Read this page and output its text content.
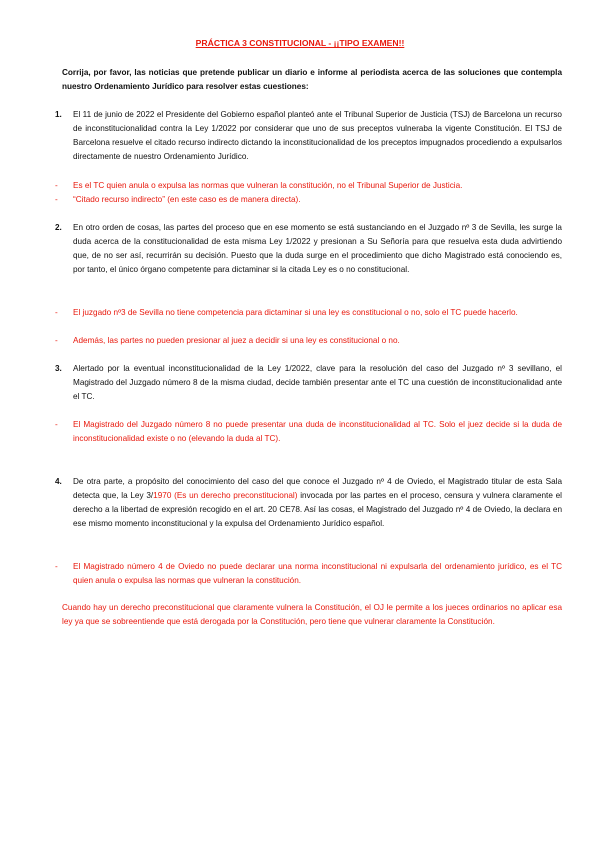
PRÁCTICA 3 CONSTITUCIONAL - ¡¡TIPO EXAMEN!!
Corrija, por favor, las noticias que pretende publicar un diario e informe al periodista acerca de las soluciones que contempla nuestro Ordenamiento Jurídico para resolver estas cuestiones:
1. El 11 de junio de 2022 el Presidente del Gobierno español planteó ante el Tribunal Superior de Justicia (TSJ) de Barcelona un recurso de inconstitucionalidad contra la Ley 1/2022 por considerar que uno de sus preceptos vulneraba la vigente Constitución. El TSJ de Barcelona resuelve el citado recurso indirecto dictando la inconstitucionalidad de los preceptos impugnados procediendo a expulsarlos directamente de nuestro Ordenamiento Jurídico.
- Es el TC quien anula o expulsa las normas que vulneran la constitución, no el Tribunal Superior de Justicia.
- “Citado recurso indirecto” (en este caso es de manera directa).
2. En otro orden de cosas, las partes del proceso que en ese momento se está sustanciando en el Juzgado nº 3 de Sevilla, les surge la duda acerca de la constitucionalidad de esta misma Ley 1/2022 y presionan a Su Señoría para que resuelva esta duda advirtiendo que, de no ser así, recurrirán su decisión. Puesto que la duda surge en el procedimiento que dicho Magistrado está conociendo es, por tanto, el único órgano competente para dictaminar si la citada Ley es o no constitucional.
- El juzgado nº3 de Sevilla no tiene competencia para dictaminar si una ley es constitucional o no, solo el TC puede hacerlo.
- Además, las partes no pueden presionar al juez a decidir si una ley es constitucional o no.
3. Alertado por la eventual inconstitucionalidad de la Ley 1/2022, clave para la resolución del caso del Juzgado nº 3 sevillano, el Magistrado del Juzgado número 8 de la misma ciudad, decide también presentar ante el TC una cuestión de inconstitucionalidad ante el TC.
- El Magistrado del Juzgado número 8 no puede presentar una duda de inconstitucionalidad al TC. Solo el juez decide si la duda de inconstitucionalidad existe o no (elevando la duda al TC).
4. De otra parte, a propósito del conocimiento del caso del que conoce el Juzgado nº 4 de Oviedo, el Magistrado titular de esta Sala detecta que, la Ley 3/1970 (Es un derecho preconstitucional) invocada por las partes en el proceso, censura y vulnera claramente el derecho a la libertad de expresión recogido en el art. 20 CE78. Así las cosas, el Magistrado del Juzgado nº 4 de Oviedo, la declara en ese mismo momento inconstitucional y la expulsa del Ordenamiento Jurídico español.
- El Magistrado número 4 de Oviedo no puede declarar una norma inconstitucional ni expulsarla del ordenamiento jurídico, es el TC quien anula o expulsa las normas que vulneran la constitución.
Cuando hay un derecho preconstitucional que claramente vulnera la Constitución, el OJ le permite a los jueces ordinarios no aplicar esa ley ya que se sobreentiende que está derogada por la Constitución, pero tiene que vulnerar claramente la Constitución.
